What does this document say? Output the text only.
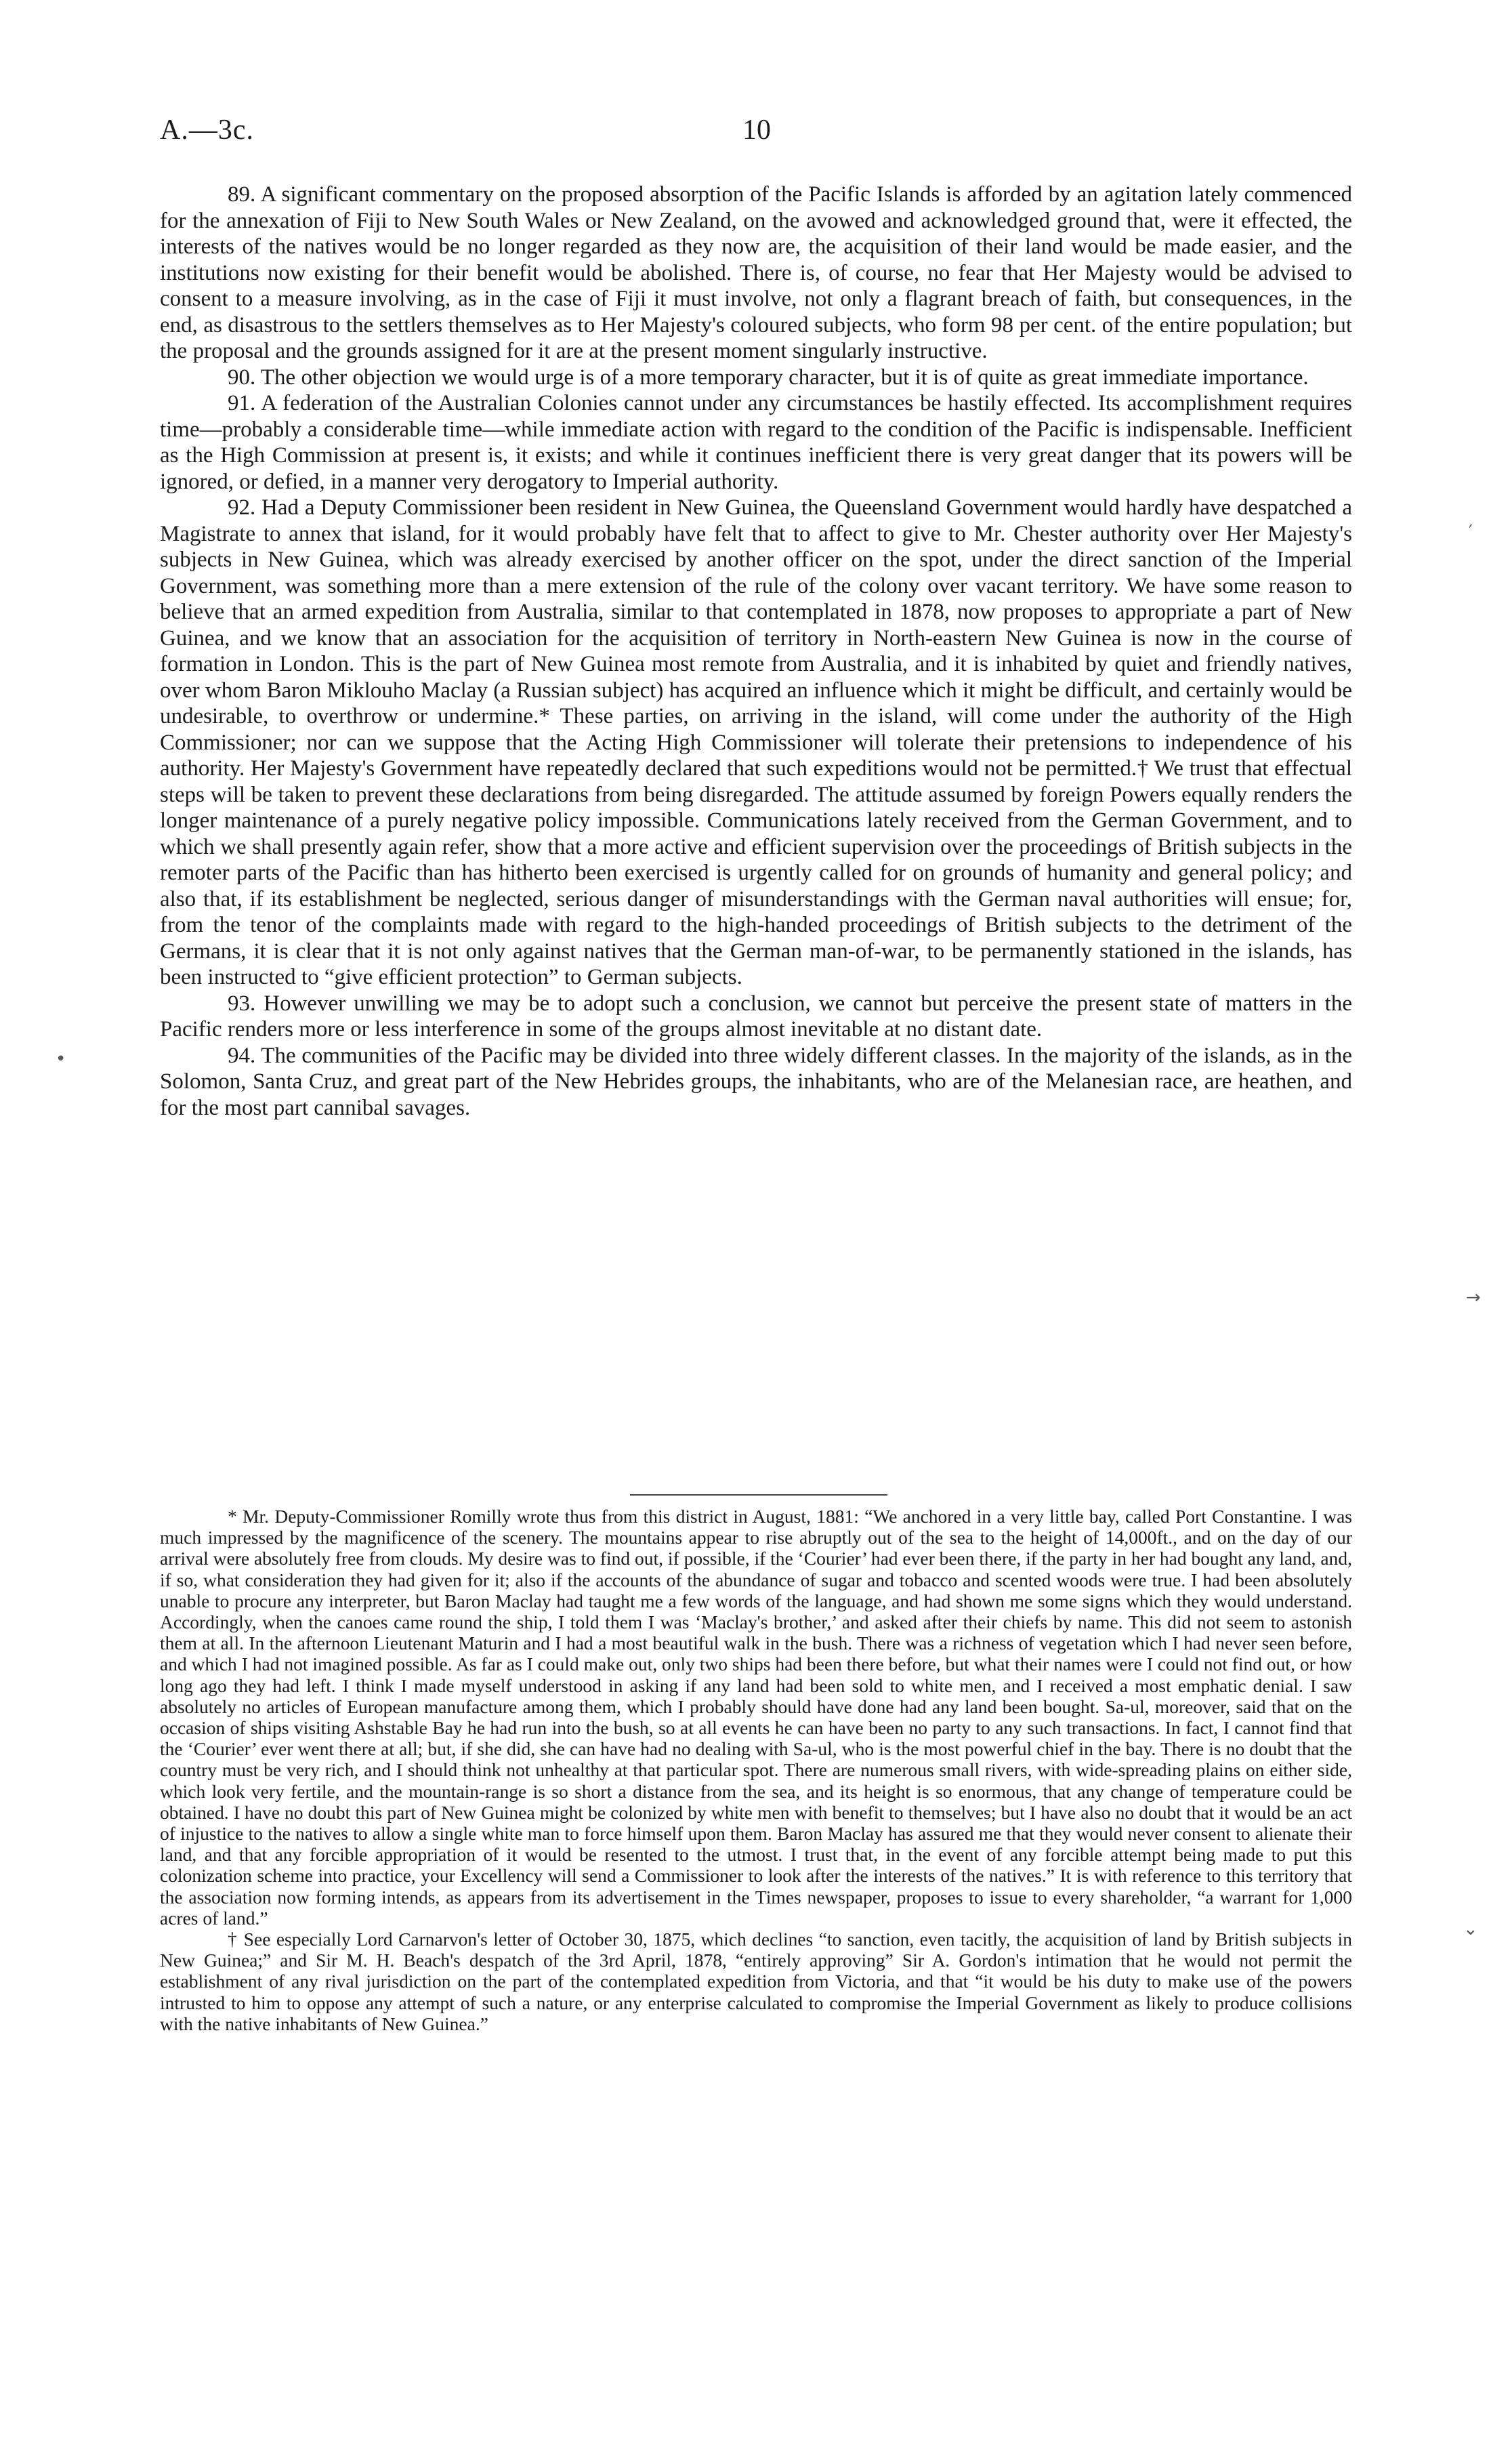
A.—3c.	10

89. A significant commentary on the proposed absorption of the Pacific Islands is afforded by an agitation lately commenced for the annexation of Fiji to New South Wales or New Zealand, on the avowed and acknowledged ground that, were it effected, the interests of the natives would be no longer regarded as they now are, the acquisition of their land would be made easier, and the institutions now existing for their benefit would be abolished. There is, of course, no fear that Her Majesty would be advised to consent to a measure involving, as in the case of Fiji it must involve, not only a flagrant breach of faith, but consequences, in the end, as disastrous to the settlers themselves as to Her Majesty's coloured subjects, who form 98 per cent. of the entire population; but the proposal and the grounds assigned for it are at the present moment singularly instructive.

90. The other objection we would urge is of a more temporary character, but it is of quite as great immediate importance.

91. A federation of the Australian Colonies cannot under any circumstances be hastily effected. Its accomplishment requires time—probably a considerable time—while immediate action with regard to the condition of the Pacific is indispensable. Inefficient as the High Commission at present is, it exists; and while it continues inefficient there is very great danger that its powers will be ignored, or defied, in a manner very derogatory to Imperial authority.

92. Had a Deputy Commissioner been resident in New Guinea, the Queensland Government would hardly have despatched a Magistrate to annex that island, for it would probably have felt that to affect to give to Mr. Chester authority over Her Majesty's subjects in New Guinea, which was already exercised by another officer on the spot, under the direct sanction of the Imperial Government, was something more than a mere extension of the rule of the colony over vacant territory. We have some reason to believe that an armed expedition from Australia, similar to that contemplated in 1878, now proposes to appropriate a part of New Guinea, and we know that an association for the acquisition of territory in North-eastern New Guinea is now in the course of formation in London. This is the part of New Guinea most remote from Australia, and it is inhabited by quiet and friendly natives, over whom Baron Miklouho Maclay (a Russian subject) has acquired an influence which it might be difficult, and certainly would be undesirable, to overthrow or undermine.* These parties, on arriving in the island, will come under the authority of the High Commissioner; nor can we suppose that the Acting High Commissioner will tolerate their pretensions to independence of his authority. Her Majesty's Government have repeatedly declared that such expeditions would not be permitted.† We trust that effectual steps will be taken to prevent these declarations from being disregarded. The attitude assumed by foreign Powers equally renders the longer maintenance of a purely negative policy impossible. Communications lately received from the German Government, and to which we shall presently again refer, show that a more active and efficient supervision over the proceedings of British subjects in the remoter parts of the Pacific than has hitherto been exercised is urgently called for on grounds of humanity and general policy; and also that, if its establishment be neglected, serious danger of misunderstandings with the German naval authorities will ensue; for, from the tenor of the complaints made with regard to the high-handed proceedings of British subjects to the detriment of the Germans, it is clear that it is not only against natives that the German man-of-war, to be permanently stationed in the islands, has been instructed to “give efficient protection” to German subjects.

93. However unwilling we may be to adopt such a conclusion, we cannot but perceive the present state of matters in the Pacific renders more or less interference in some of the groups almost inevitable at no distant date.

94. The communities of the Pacific may be divided into three widely different classes. In the majority of the islands, as in the Solomon, Santa Cruz, and great part of the New Hebrides groups, the inhabitants, who are of the Melanesian race, are heathen, and for the most part cannibal savages.

* Mr. Deputy-Commissioner Romilly wrote thus from this district in August, 1881: “We anchored in a very little bay, called Port Constantine. I was much impressed by the magnificence of the scenery. The mountains appear to rise abruptly out of the sea to the height of 14,000ft., and on the day of our arrival were absolutely free from clouds. My desire was to find out, if possible, if the ‘Courier’ had ever been there, if the party in her had bought any land, and, if so, what consideration they had given for it; also if the accounts of the abundance of sugar and tobacco and scented woods were true. I had been absolutely unable to procure any interpreter, but Baron Maclay had taught me a few words of the language, and had shown me some signs which they would understand. Accordingly, when the canoes came round the ship, I told them I was ‘Maclay's brother,’ and asked after their chiefs by name. This did not seem to astonish them at all. In the afternoon Lieutenant Maturin and I had a most beautiful walk in the bush. There was a richness of vegetation which I had never seen before, and which I had not imagined possible. As far as I could make out, only two ships had been there before, but what their names were I could not find out, or how long ago they had left. I think I made myself understood in asking if any land had been sold to white men, and I received a most emphatic denial. I saw absolutely no articles of European manufacture among them, which I probably should have done had any land been bought. Sa-ul, moreover, said that on the occasion of ships visiting Ashstable Bay he had run into the bush, so at all events he can have been no party to any such transactions. In fact, I cannot find that the ‘Courier’ ever went there at all; but, if she did, she can have had no dealing with Sa-ul, who is the most powerful chief in the bay. There is no doubt that the country must be very rich, and I should think not unhealthy at that particular spot. There are numerous small rivers, with wide-spreading plains on either side, which look very fertile, and the mountain-range is so short a distance from the sea, and its height is so enormous, that any change of temperature could be obtained. I have no doubt this part of New Guinea might be colonized by white men with benefit to themselves; but I have also no doubt that it would be an act of injustice to the natives to allow a single white man to force himself upon them. Baron Maclay has assured me that they would never consent to alienate their land, and that any forcible appropriation of it would be resented to the utmost. I trust that, in the event of any forcible attempt being made to put this colonization scheme into practice, your Excellency will send a Commissioner to look after the interests of the natives.” It is with reference to this territory that the association now forming intends, as appears from its advertisement in the Times newspaper, proposes to issue to every shareholder, “a warrant for 1,000 acres of land.”

† See especially Lord Carnarvon's letter of October 30, 1875, which declines “to sanction, even tacitly, the acquisition of land by British subjects in New Guinea;” and Sir M. H. Beach's despatch of the 3rd April, 1878, “entirely approving” Sir A. Gordon's intimation that he would not permit the establishment of any rival jurisdiction on the part of the contemplated expedition from Victoria, and that “it would be his duty to make use of the powers intrusted to him to oppose any attempt of such a nature, or any enterprise calculated to compromise the Imperial Government as likely to produce collisions with the native inhabitants of New Guinea.”

′
•
→
⌄
